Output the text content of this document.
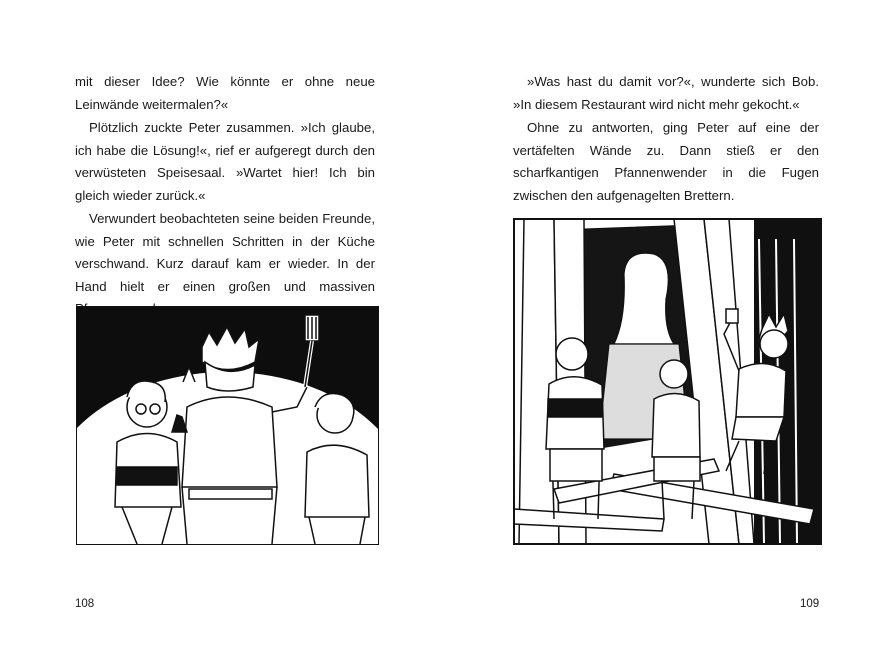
mit dieser Idee? Wie könnte er ohne neue Leinwände weitermalen?«

Plötzlich zuckte Peter zusammen. »Ich glaube, ich habe die Lösung!«, rief er aufgeregt durch den verwüsteten Speisesaal. »Wartet hier! Ich bin gleich wieder zurück.«

Verwundert beobachteten seine beiden Freunde, wie Peter mit schnellen Schritten in der Küche verschwand. Kurz darauf kam er wieder. In der Hand hielt er einen großen und massiven

108

»Was hast du damit vor?«, wunderte sich Bob. »In diesem Restaurant wird nicht mehr gekocht.«

Ohne zu antworten, ging Peter auf eine der vertäfelten Wände zu. Dann stieß er den scharfkantigen Pfannenwender in die Fugen zwischen den aufgenagelten Brettern.

109
